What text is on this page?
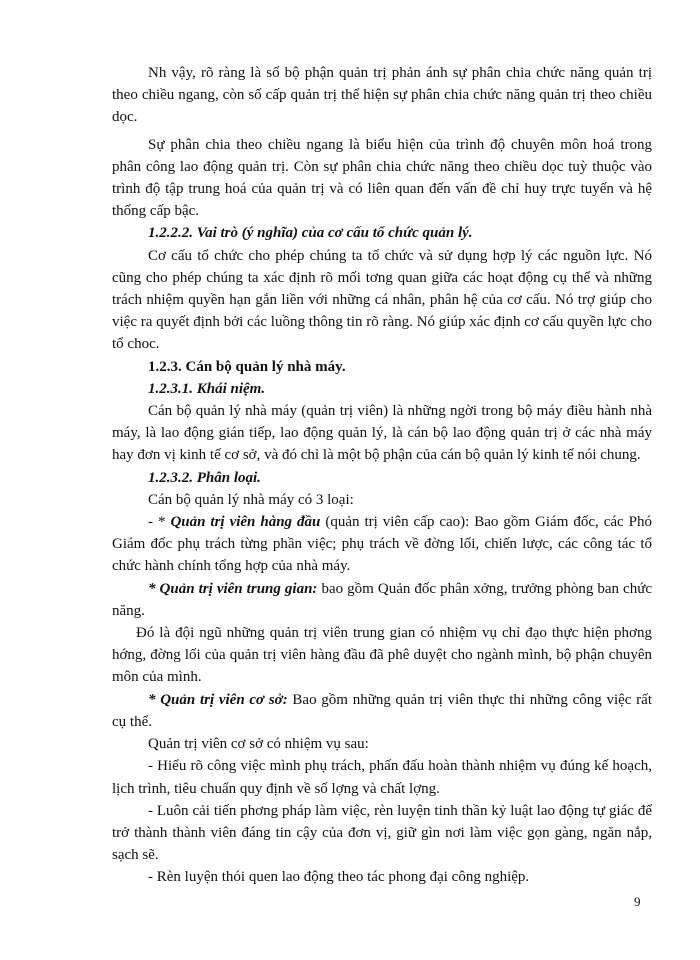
Nh vậy, rõ ràng là số bộ phận quản trị phản ánh sự phân chia chức năng quản trị theo chiều ngang, còn số cấp quản trị thể hiện sự phân chia chức năng quản trị theo chiều dọc.

Sự phân chia theo chiều ngang là biểu hiện của trình độ chuyên môn hoá trong phân công lao động quản trị. Còn sự phân chia chức năng theo chiều dọc tuỳ thuộc vào trình độ tập trung hoá của quản trị và có liên quan đến vấn đề chỉ huy trực tuyến và hệ thống cấp bậc.

1.2.2.2. Vai trò (ý nghĩa) của cơ cấu tổ chức quản lý.

Cơ cấu tổ chức cho phép chúng ta tổ chức và sử dụng hợp lý các nguồn lực. Nó cũng cho phép chúng ta xác định rõ mối tơng quan giữa các hoạt động cụ thể và những trách nhiệm quyền hạn gắn liền với những cá nhân, phân hệ của cơ cấu. Nó trợ giúp cho việc ra quyết định bởi các luồng thông tin rõ ràng. Nó giúp xác định cơ cấu quyền lực cho tổ choc.

1.2.3. Cán bộ quản lý nhà máy.

1.2.3.1. Khái niệm.

Cán bộ quản lý nhà máy (quản trị viên) là những ngời trong bộ máy điều hành nhà máy, là lao động gián tiếp, lao động quản lý, là cán bộ lao động quản trị ở các nhà máy hay đơn vị kinh tế cơ sở, và đó chỉ là một bộ phận của cán bộ quản lý kinh tế nói chung.

1.2.3.2. Phân loại.

Cán bộ quản lý nhà máy có 3 loại:

- * Quản trị viên hàng đầu (quản trị viên cấp cao): Bao gồm Giám đốc, các Phó Giám đốc phụ trách từng phần việc; phụ trách về đờng lối, chiến lược, các công tác tổ chức hành chính tổng hợp của nhà máy.

* Quản trị viên trung gian: bao gồm Quản đốc phân xởng, trưởng phòng ban chức năng.

Đó là đội ngũ những quản trị viên trung gian có nhiệm vụ chỉ đạo thực hiện phơng hớng, đờng lối của quản trị viên hàng đầu đã phê duyệt cho ngành mình, bộ phận chuyên môn của mình.

* Quản trị viên cơ sở: Bao gồm những quản trị viên thực thi những công việc rất cụ thể.

Quản trị viên cơ sở có nhiệm vụ sau:

- Hiểu rõ công việc mình phụ trách, phấn đấu hoàn thành nhiệm vụ đúng kế hoạch, lịch trình, tiêu chuẩn quy định về số lợng và chất lợng.

- Luôn cải tiến phơng pháp làm việc, rèn luyện tinh thần kỷ luật lao động tự giác để trở thành thành viên đáng tin cậy của đơn vị, giữ gìn nơi làm việc gọn gàng, ngăn nắp, sạch sẽ.

- Rèn luyện thói quen lao động theo tác phong đại công nghiệp.

9
